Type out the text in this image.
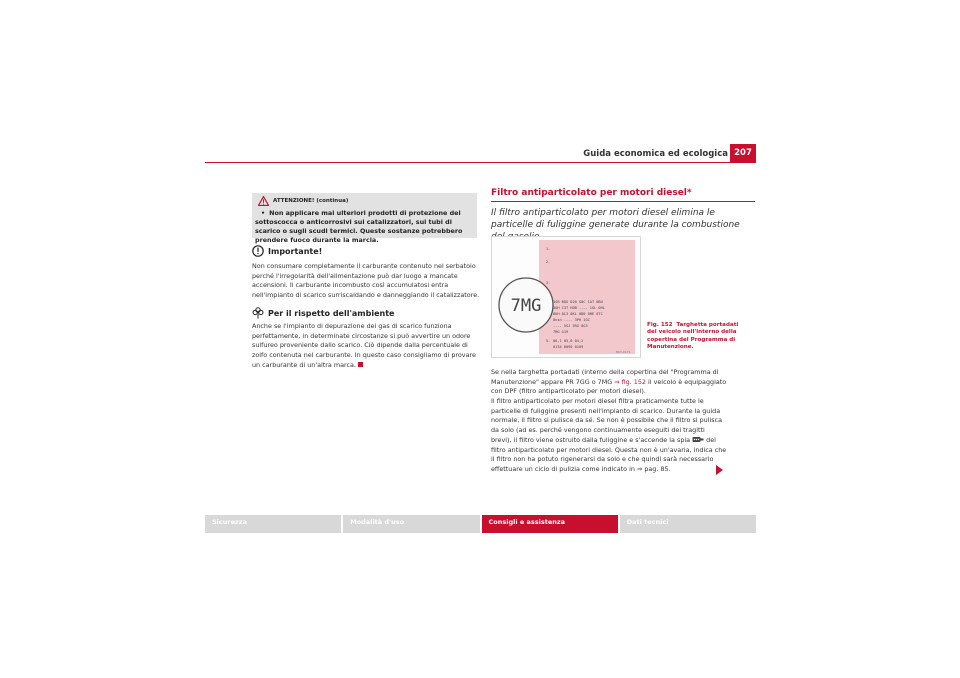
Guida economica ed ecologica 207
ATTENZIONE! (continua)
• Non applicare mai ulteriori prodotti di protezione del sottoscocca o anticorrosivi sui catalizzatori, sui tubi di scarico o sugli scudi termici. Queste sostanze potrebbero prendere fuoco durante la marcia.
Importante!
Non consumare completamente il carburante contenuto nel serbatoio perché l'irregolarità dell'alimentazione può dar luogo a mancate accensioni. Il carburante incombusto così accumulatosi entra nell'impianto di scarico surriscaldando e danneggiando il catalizzatore.
Per il rispetto dell'ambiente
Anche se l'impianto di depurazione dei gas di scarico funziona perfettamente, in determinate circostanze si può avvertire un odore sulfureo proveniente dallo scarico. Ciò dipende dalla percentuale di zolfo contenuta nel carburante. In questo caso consigliamo di provare un carburante di un'altra marca.
Filtro antiparticolato per motori diesel*
Il filtro antiparticolato per motori diesel elimina le particelle di fuliggine generate durante la combustione
1.
2.
3.
5.
1SB BDG D20 G0C 1AT 0BU
3OH C3T H0B ---- 1GL 0HL
8UH 0L3 0KL 0B0 0HE 0TC
0nsn ---- 3PH 1GC
---- 5SJ 5RG 0G3
7MG G19
06,1 05,6 04,2
0134 0090 0109
7MG
B6V-0171
Fig. 152 Targhetta portadati del veicolo nell'interno della copertina del Programma di Manutenzione.
Se nella targhetta portadati (interno della copertina del "Programma di Manutenzione" appare PR 7GG o 7MG ⇒ fig. 152 il veicolo è equipaggiato con DPF (filtro antiparticolato per motori diesel).
Il filtro antiparticolato per motori diesel filtra praticamente tutte le particelle di fuliggine presenti nell'impianto di scarico. Durante la guida normale, il filtro si pulisce da sé. Se non è possibile che il filtro si pulisca da solo (ad es. perché vengono continuamente eseguiti dei tragitti brevi), il filtro viene ostruito dalla fuliggine e s'accende la spia  del filtro antiparticolato per motori diesel. Questa non è un'avaria, indica che il filtro non ha potuto rigenerarsi da solo e che quindi sarà necessario effettuare un ciclo di pulizia come indicato in ⇒ pag. 85.
Sicurezza	Modalità d'uso	Consigli e assistenza	Dati tecnici
